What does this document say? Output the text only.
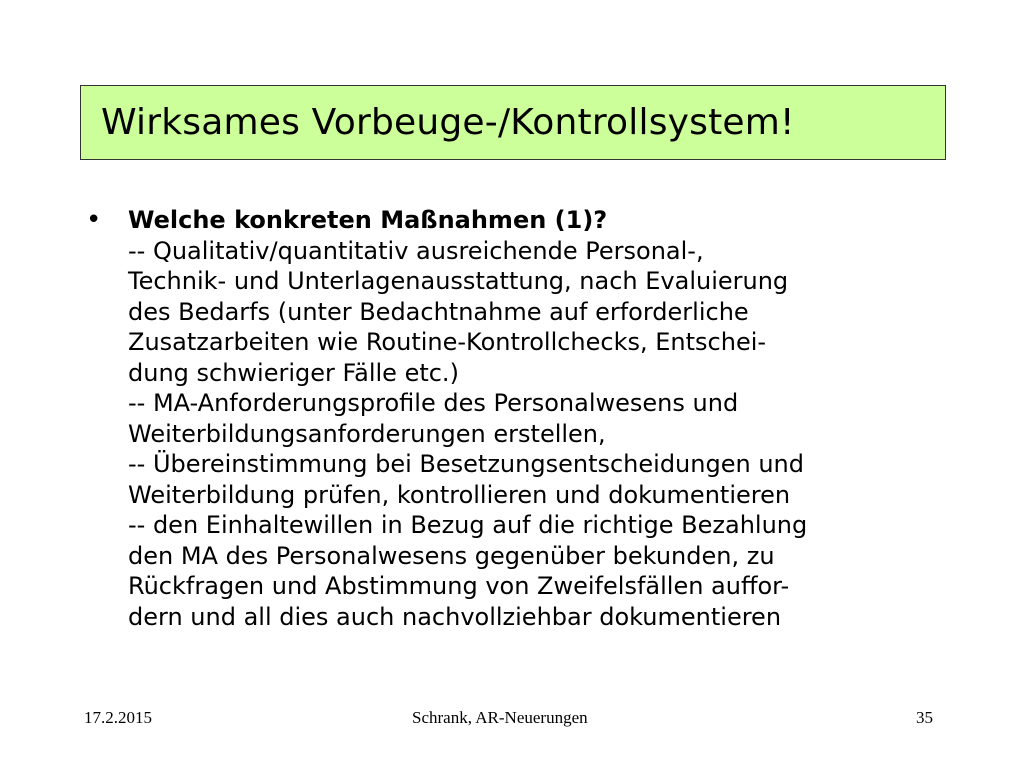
Wirksames Vorbeuge-/Kontrollsystem!
•	Welche konkreten Maßnahmen (1)?
-- Qualitativ/quantitativ ausreichende Personal-,
Technik- und Unterlagenausstattung, nach Evaluierung
des Bedarfs (unter Bedachtnahme auf erforderliche
Zusatzarbeiten wie Routine-Kontrollchecks, Entschei-
dung schwieriger Fälle etc.)
-- MA-Anforderungsprofile des Personalwesens und
Weiterbildungsanforderungen erstellen,
-- Übereinstimmung bei Besetzungsentscheidungen und
Weiterbildung prüfen, kontrollieren und dokumentieren
-- den Einhaltewillen in Bezug auf die richtige Bezahlung
den MA des Personalwesens gegenüber bekunden, zu
Rückfragen und Abstimmung von Zweifelsfällen auffor-
dern und all dies auch nachvollziehbar dokumentieren
17.2.2015	Schrank, AR-Neuerungen	35
